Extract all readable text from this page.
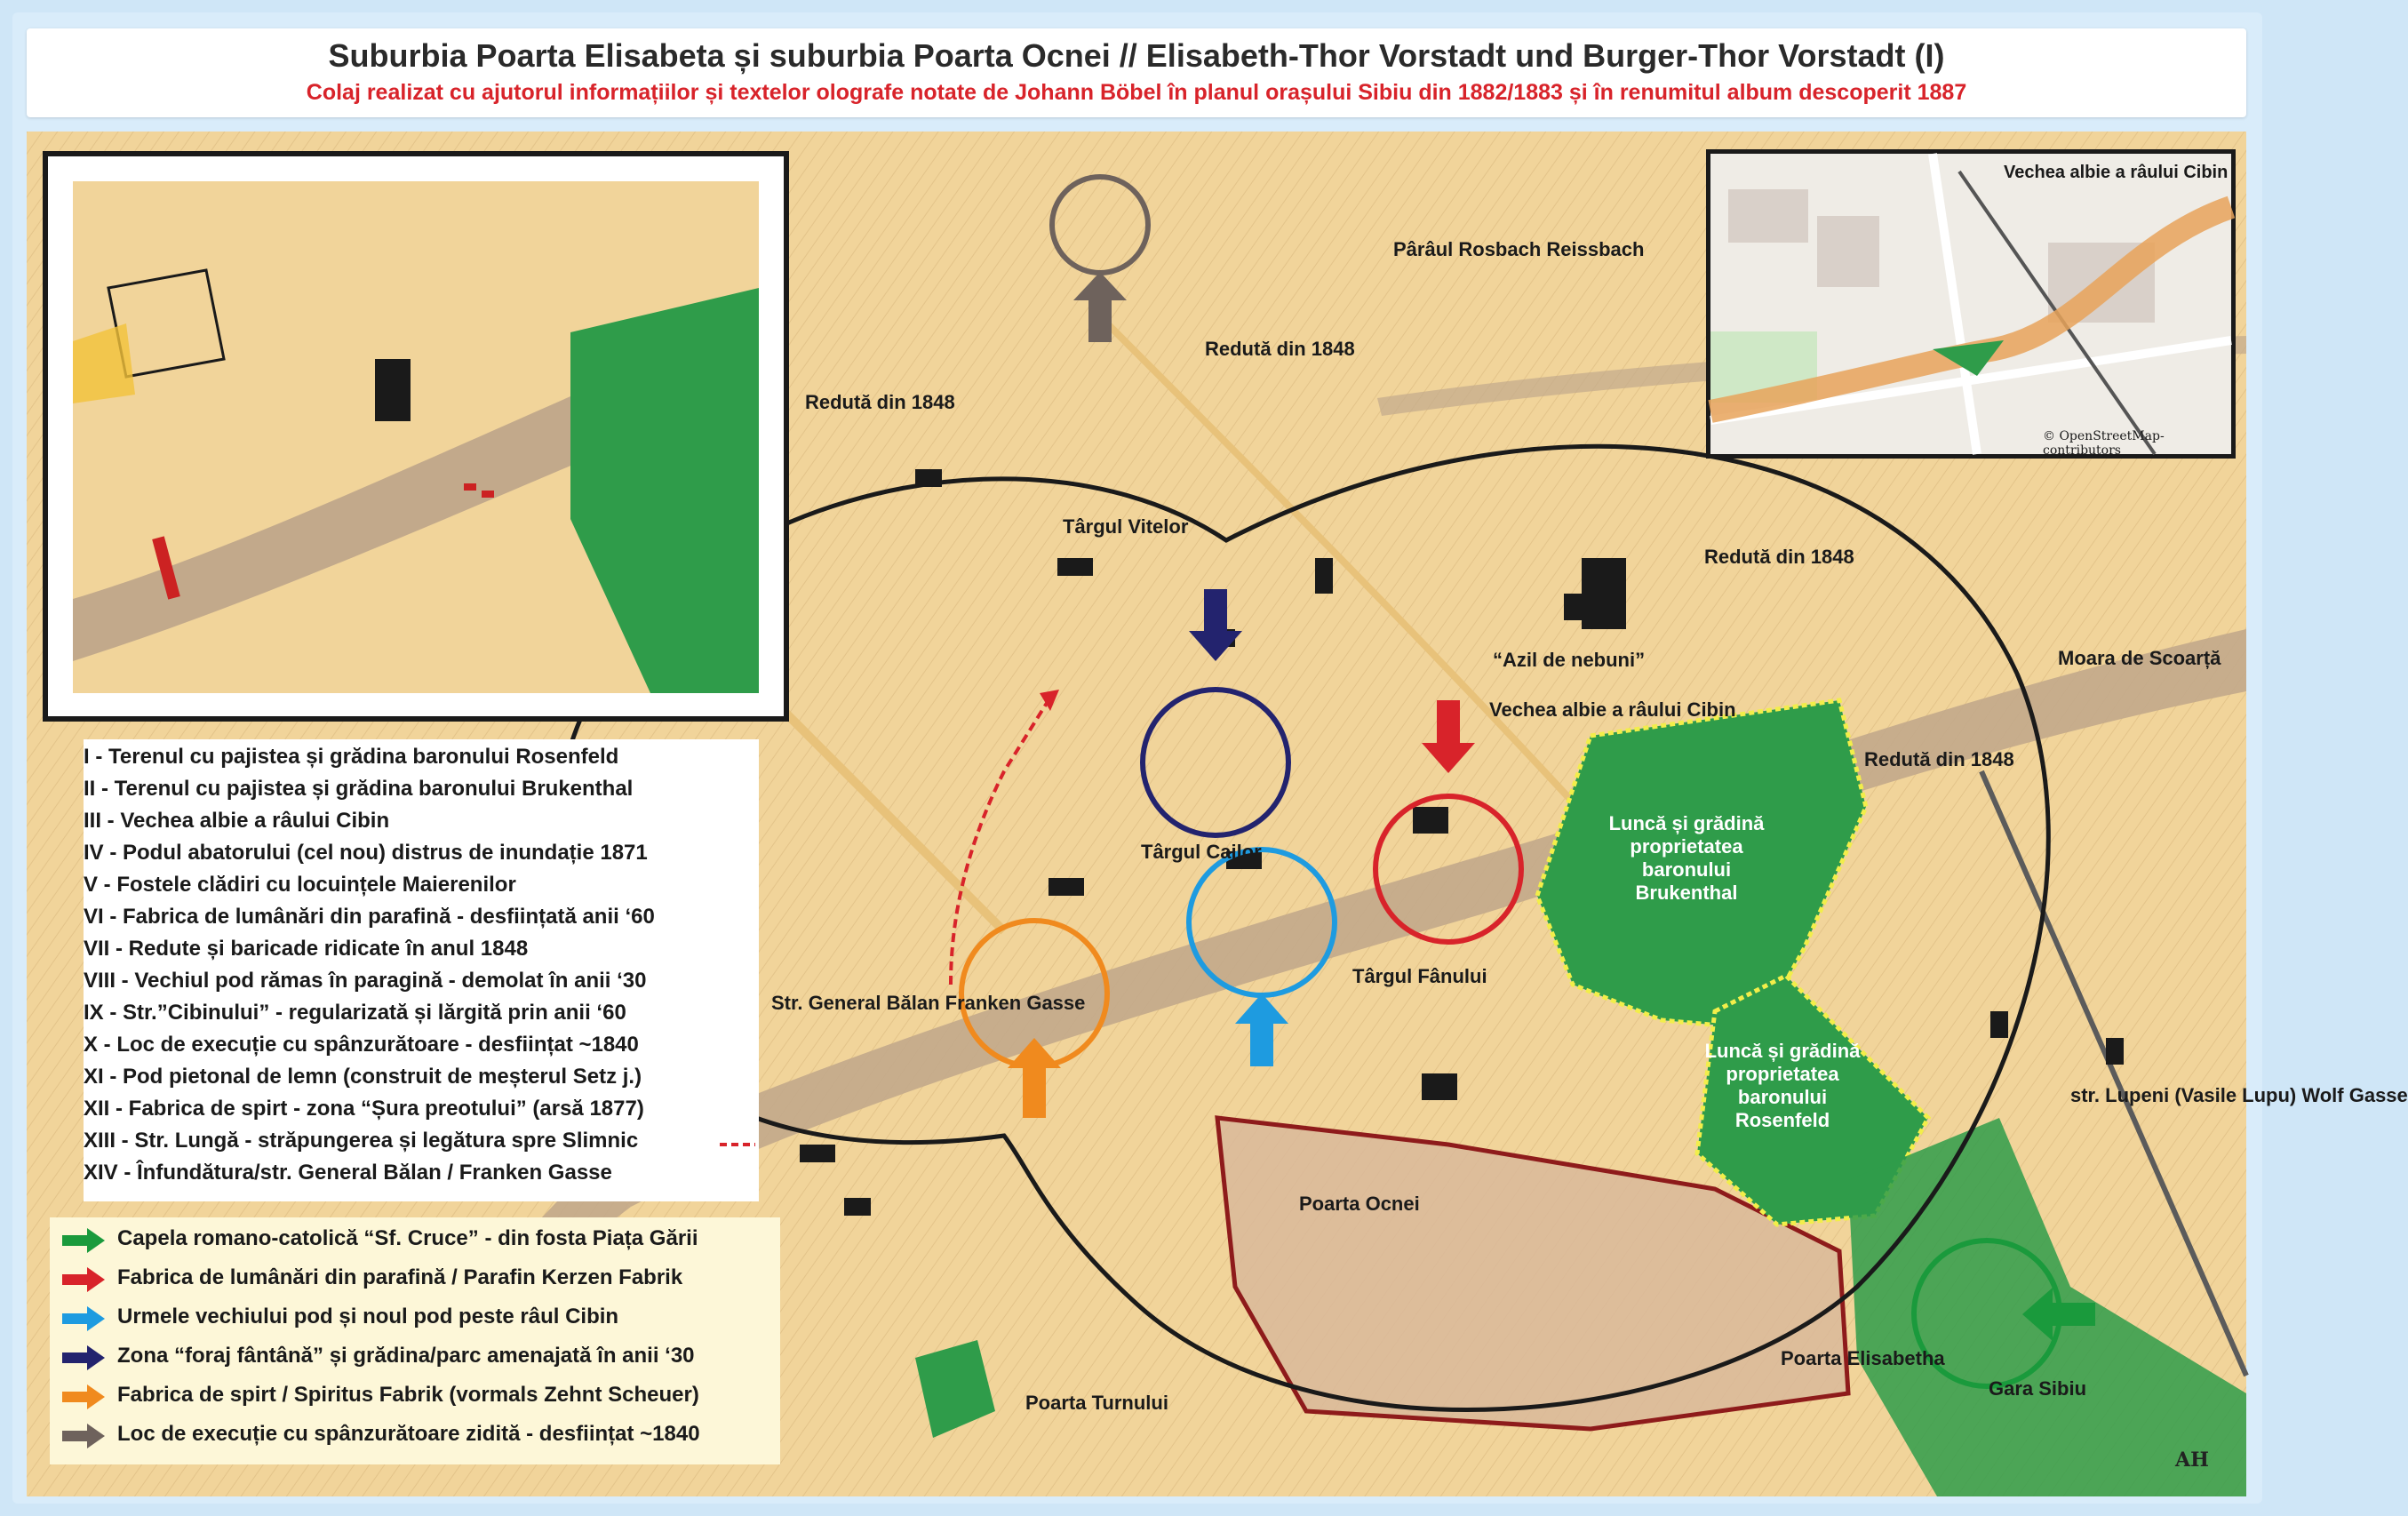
Suburbia Poarta Elisabeta și suburbia Poarta Ocnei // Elisabeth-Thor Vorstadt und Burger-Thor Vorstadt (I)
Colaj realizat cu ajutorul informațiilor și textelor olografe notate de Johann Böbel în planul orașului Sibiu din 1882/1883 și în renumitul album descoperit 1887
Pârâul Rosbach Reissbach
Redută din 1848
Redută din 1848
Redută din 1848
Redută din 1848
Târgul Vitelor
Târgul Cailor
Târgul Fânului
“Azil de nebuni”
Vechea albie a râului Cibin
Moara de Scoarță
Str. General Bălan Franken Gasse
str. Lupeni (Vasile Lupu) Wolf Gasse
Poarta Ocnei
Poarta Elisabetha
Poarta Turnului
Gara Sibiu
Luncă și grădină proprietatea baronului Brukenthal
Luncă și grădină proprietatea baronului Rosenfeld
Vechea albie a râului Cibin
© OpenStreetMap-contributors
I - Terenul cu pajistea și grădina baronului Rosenfeld
II - Terenul cu pajistea și grădina baronului Brukenthal
III - Vechea albie a râului Cibin
IV - Podul abatorului (cel nou) distrus de inundație 1871
V - Fostele clădiri cu locuințele Maierenilor
VI - Fabrica de lumânări din parafină - desființată anii ‘60
VII - Redute și baricade ridicate în anul 1848
VIII - Vechiul pod rămas în paragină - demolat în anii ‘30
IX - Str.”Cibinului” - regularizată și lărgită prin anii ‘60
X - Loc de execuție cu spânzurătoare - desființat ~1840
XI - Pod pietonal de lemn (construit de meșterul Setz j.)
XII - Fabrica de spirt - zona “Șura preotului” (arsă 1877)
XIII - Str. Lungă - străpungerea și legătura spre Slimnic
XIV - Înfundătura/str. General Bălan / Franken Gasse
Capela romano-catolică “Sf. Cruce” - din fosta Piața Gării
Fabrica de lumânări din parafină / Parafin Kerzen Fabrik
Urmele vechiului pod și noul pod peste râul Cibin
Zona “foraj fântână” și grădina/parc amenajată în anii ‘30
Fabrica de spirt / Spiritus Fabrik (vormals Zehnt Scheuer)
Loc de execuție cu spânzurătoare zidită - desființat ~1840
AH
